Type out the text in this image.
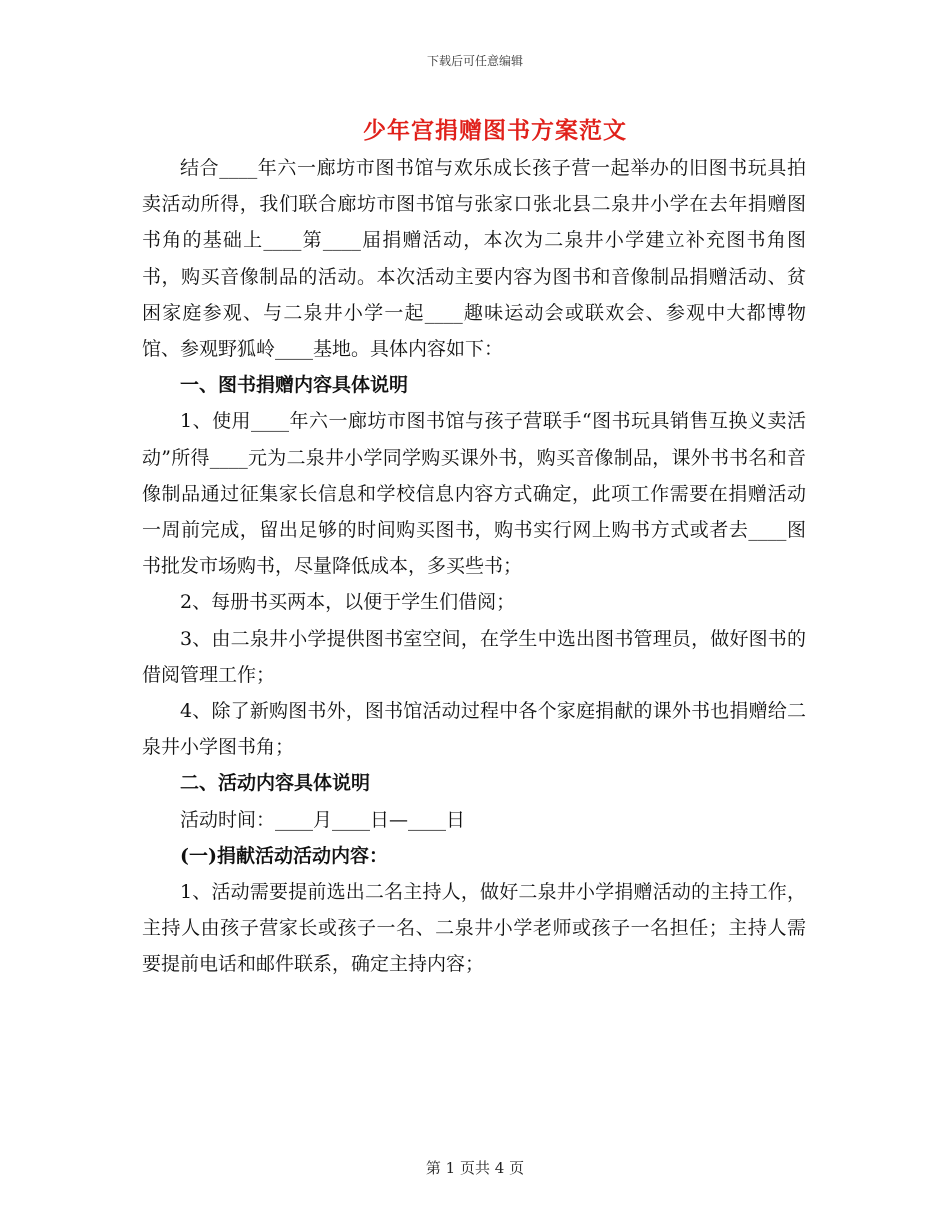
下载后可任意编辑
少年宫捐赠图书方案范文

结合____年六一廊坊市图书馆与欢乐成长孩子营一起举办的旧图书玩具拍卖活动所得，我们联合廊坊市图书馆与张家口张北县二泉井小学在去年捐赠图书角的基础上____第____届捐赠活动，本次为二泉井小学建立补充图书角图书，购买音像制品的活动。本次活动主要内容为图书和音像制品捐赠活动、贫困家庭参观、与二泉井小学一起____趣味运动会或联欢会、参观中大都博物馆、参观野狐岭____基地。具体内容如下：

一、图书捐赠内容具体说明

1、使用____年六一廊坊市图书馆与孩子营联手“图书玩具销售互换义卖活动”所得____元为二泉井小学同学购买课外书，购买音像制品，课外书书名和音像制品通过征集家长信息和学校信息内容方式确定，此项工作需要在捐赠活动一周前完成，留出足够的时间购买图书，购书实行网上购书方式或者去____图书批发市场购书，尽量降低成本，多买些书；

2、每册书买两本，以便于学生们借阅；

3、由二泉井小学提供图书室空间，在学生中选出图书管理员，做好图书的借阅管理工作；

4、除了新购图书外，图书馆活动过程中各个家庭捐献的课外书也捐赠给二泉井小学图书角；

二、活动内容具体说明

活动时间：____月____日—____日

(一)捐献活动活动内容：

1、活动需要提前选出二名主持人，做好二泉井小学捐赠活动的主持工作，主持人由孩子营家长或孩子一名、二泉井小学老师或孩子一名担任；主持人需要提前电话和邮件联系，确定主持内容；

第 1 页共 4 页
